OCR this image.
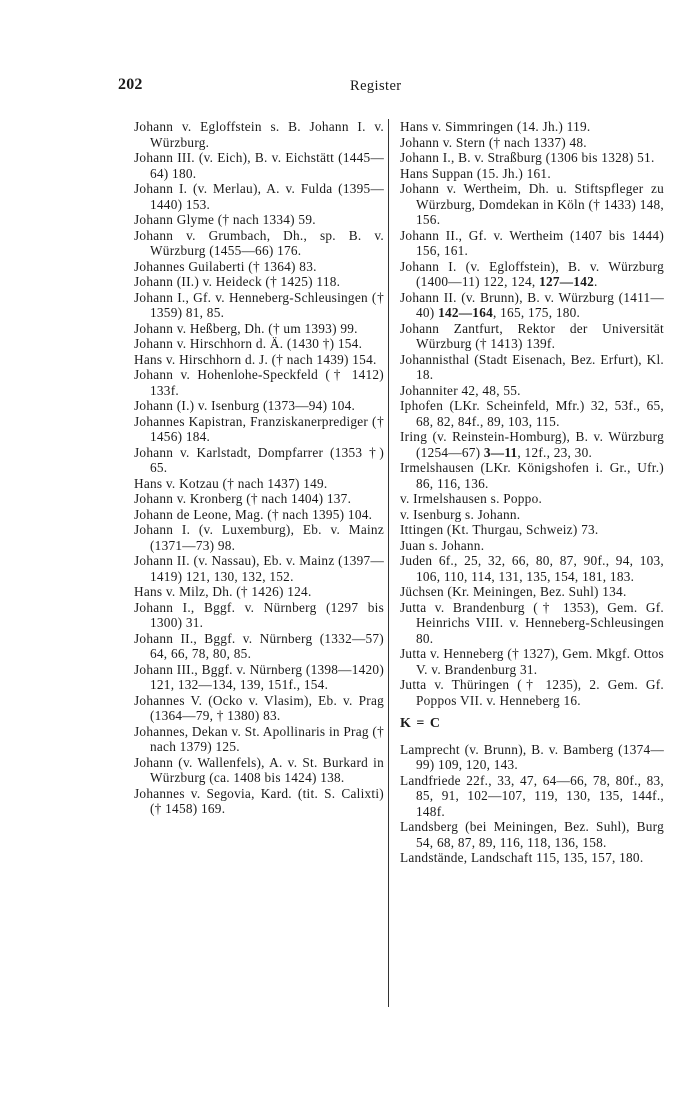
202	Register

Johann v. Egloffstein s. B. Johann I. v. Würzburg.

Johann III. (v. Eich), B. v. Eichstätt (1445—64) 180.

Johann I. (v. Merlau), A. v. Fulda (1395—1440) 153.

Johann Glyme († nach 1334) 59.

Johann v. Grumbach, Dh., sp. B. v. Würzburg (1455—66) 176.

Johannes Guilaberti († 1364) 83.

Johann (II.) v. Heideck († 1425) 118.

Johann I., Gf. v. Henneberg-Schleusingen († 1359) 81, 85.

Johann v. Heßberg, Dh. († um 1393) 99.

Johann v. Hirschhorn d. Ä. (1430 †) 154.

Hans v. Hirschhorn d. J. († nach 1439) 154.

Johann v. Hohenlohe-Speckfeld († 1412) 133f.

Johann (I.) v. Isenburg (1373—94) 104.

Johannes Kapistran, Franziskanerprediger († 1456) 184.

Johann v. Karlstadt, Dompfarrer (1353 †) 65.

Hans v. Kotzau († nach 1437) 149.

Johann v. Kronberg († nach 1404) 137.

Johann de Leone, Mag. († nach 1395) 104.

Johann I. (v. Luxemburg), Eb. v. Mainz (1371—73) 98.

Johann II. (v. Nassau), Eb. v. Mainz (1397—1419) 121, 130, 132, 152.

Hans v. Milz, Dh. († 1426) 124.

Johann I., Bggf. v. Nürnberg (1297 bis 1300) 31.

Johann II., Bggf. v. Nürnberg (1332—57) 64, 66, 78, 80, 85.

Johann III., Bggf. v. Nürnberg (1398—1420) 121, 132—134, 139, 151f., 154.

Johannes V. (Ocko v. Vlasim), Eb. v. Prag (1364—79, † 1380) 83.

Johannes, Dekan v. St. Apollinaris in Prag († nach 1379) 125.

Johann (v. Wallenfels), A. v. St. Burkard in Würzburg (ca. 1408 bis 1424) 138.

Johannes v. Segovia, Kard. (tit. S. Calixti) († 1458) 169.

Hans v. Simmringen (14. Jh.) 119.

Johann v. Stern († nach 1337) 48.

Johann I., B. v. Straßburg (1306 bis 1328) 51.

Hans Suppan (15. Jh.) 161.

Johann v. Wertheim, Dh. u. Stiftspfleger zu Würzburg, Domdekan in Köln († 1433) 148, 156.

Johann II., Gf. v. Wertheim (1407 bis 1444) 156, 161.

Johann I. (v. Egloffstein), B. v. Würzburg (1400—11) 122, 124, 127—142.

Johann II. (v. Brunn), B. v. Würzburg (1411—40) 142—164, 165, 175, 180.

Johann Zantfurt, Rektor der Universität Würzburg († 1413) 139f.

Johannisthal (Stadt Eisenach, Bez. Erfurt), Kl. 18.

Johanniter 42, 48, 55.

Iphofen (LKr. Scheinfeld, Mfr.) 32, 53f., 65, 68, 82, 84f., 89, 103, 115.

Iring (v. Reinstein-Homburg), B. v. Würzburg (1254—67) 3—11, 12f., 23, 30.

Irmelshausen (LKr. Königshofen i. Gr., Ufr.) 86, 116, 136.

v. Irmelshausen s. Poppo.

v. Isenburg s. Johann.

Ittingen (Kt. Thurgau, Schweiz) 73.

Juan s. Johann.

Juden 6f., 25, 32, 66, 80, 87, 90f., 94, 103, 106, 110, 114, 131, 135, 154, 181, 183.

Jüchsen (Kr. Meiningen, Bez. Suhl) 134.

Jutta v. Brandenburg († 1353), Gem. Gf. Heinrichs VIII. v. Henneberg-Schleusingen 80.

Jutta v. Henneberg († 1327), Gem. Mkgf. Ottos V. v. Brandenburg 31.

Jutta v. Thüringen († 1235), 2. Gem. Gf. Poppos VII. v. Henneberg 16.

K = C

Lamprecht (v. Brunn), B. v. Bamberg (1374—99) 109, 120, 143.

Landfriede 22f., 33, 47, 64—66, 78, 80f., 83, 85, 91, 102—107, 119, 130, 135, 144f., 148f.

Landsberg (bei Meiningen, Bez. Suhl), Burg 54, 68, 87, 89, 116, 118, 136, 158.

Landstände, Landschaft 115, 135, 157, 180.
